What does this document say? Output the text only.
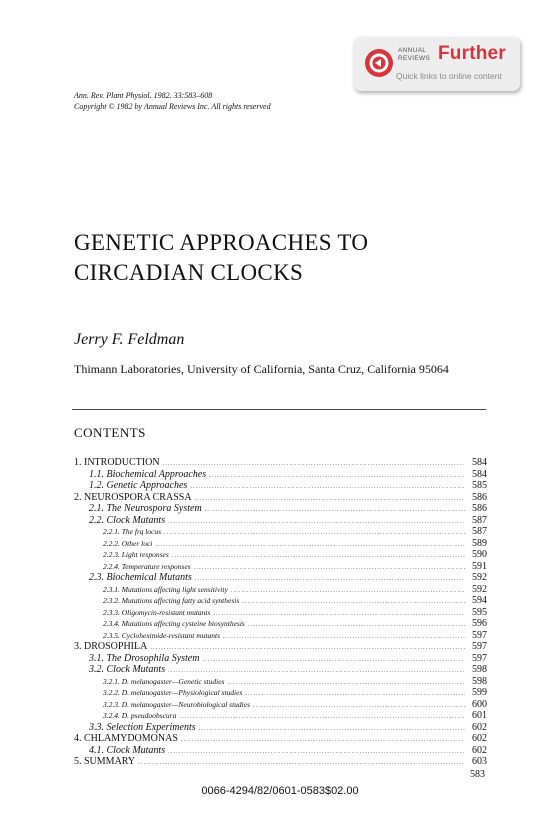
ANNUAL
REVIEWS Further
Quick links to online content
Ann. Rev. Plant Physiol. 1982. 33:583–608
Copyright © 1982 by Annual Reviews Inc. All rights reserved
GENETIC APPROACHES TO
CIRCADIAN CLOCKS
Jerry F. Feldman
Thimann Laboratories, University of California, Santa Cruz, California 95064
CONTENTS
1. INTRODUCTION .....	584
1.1. Biochemical Approaches .....	584
1.2. Genetic Approaches .....	585
2. NEUROSPORA CRASSA .....	586
2.1. The Neurospora System .....	586
2.2. Clock Mutants .....	587
2.2.1. The frq locus .....	587
2.2.2. Other loci .....	589
2.2.3. Light responses .....	590
2.2.4. Temperature responses .....	591
2.3. Biochemical Mutants .....	592
2.3.1. Mutations affecting light sensitivity .....	592
2.3.2. Mutations affecting fatty acid synthesis .....	594
2.3.3. Oligomycin-resistant mutants .....	595
2.3.4. Mutations affecting cysteine biosynthesis .....	596
2.3.5. Cycloheximide-resistant mutants .....	597
3. DROSOPHILA .....	597
3.1. The Drosophila System .....	597
3.2. Clock Mutants .....	598
3.2.1. D. melanogaster—Genetic studies .....	598
3.2.2. D. melanogaster—Physiological studies .....	599
3.2.3. D. melanogaster—Neurobiological studies .....	600
3.2.4. D. pseudoobscura .....	601
3.3. Selection Experiments .....	602
4. CHLAMYDOMONAS .....	602
4.1. Clock Mutants .....	602
5. SUMMARY .....	603
583
0066-4294/82/0601-0583$02.00
